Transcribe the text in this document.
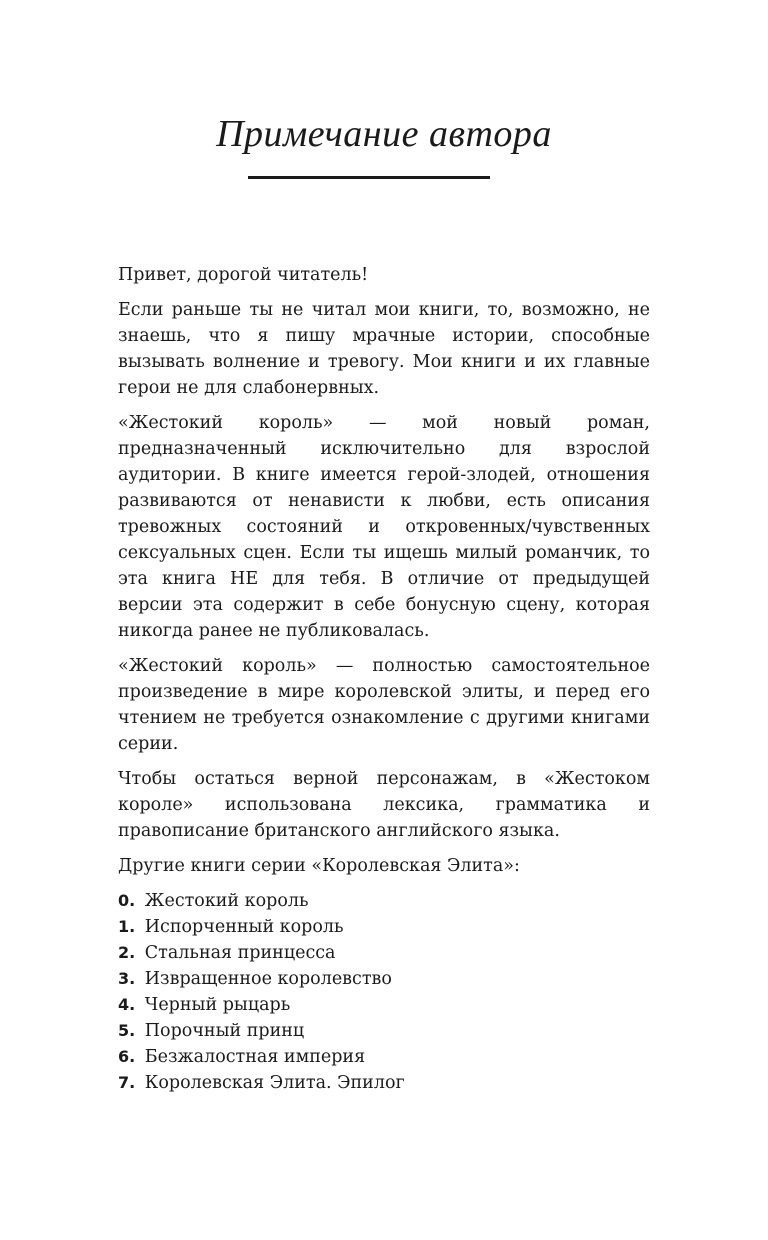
Примечание автора

Привет, дорогой читатель!

Если раньше ты не читал мои книги, то, возможно, не знаешь, что я пишу мрачные истории, способные вызывать волнение и тревогу. Мои книги и их главные герои не для слабонервных.

«Жестокий король» — мой новый роман, предназначенный исключительно для взрослой аудитории. В книге имеется герой-злодей, отношения развиваются от ненависти к любви, есть описания тревожных состояний и откровенных/чувственных сексуальных сцен. Если ты ищешь милый романчик, то эта книга НЕ для тебя. В отличие от предыдущей версии эта содержит в себе бонусную сцену, которая никогда ранее не публиковалась.

«Жестокий король» — полностью самостоятельное произведение в мире королевской элиты, и перед его чтением не требуется ознакомление с другими книгами серии.

Чтобы остаться верной персонажам, в «Жестоком короле» использована лексика, грамматика и правописание британского английского языка.

Другие книги серии «Королевская Элита»:

0. Жестокий король
1. Испорченный король
2. Стальная принцесса
3. Извращенное королевство
4. Черный рыцарь
5. Порочный принц
6. Безжалостная империя
7. Королевская Элита. Эпилог
